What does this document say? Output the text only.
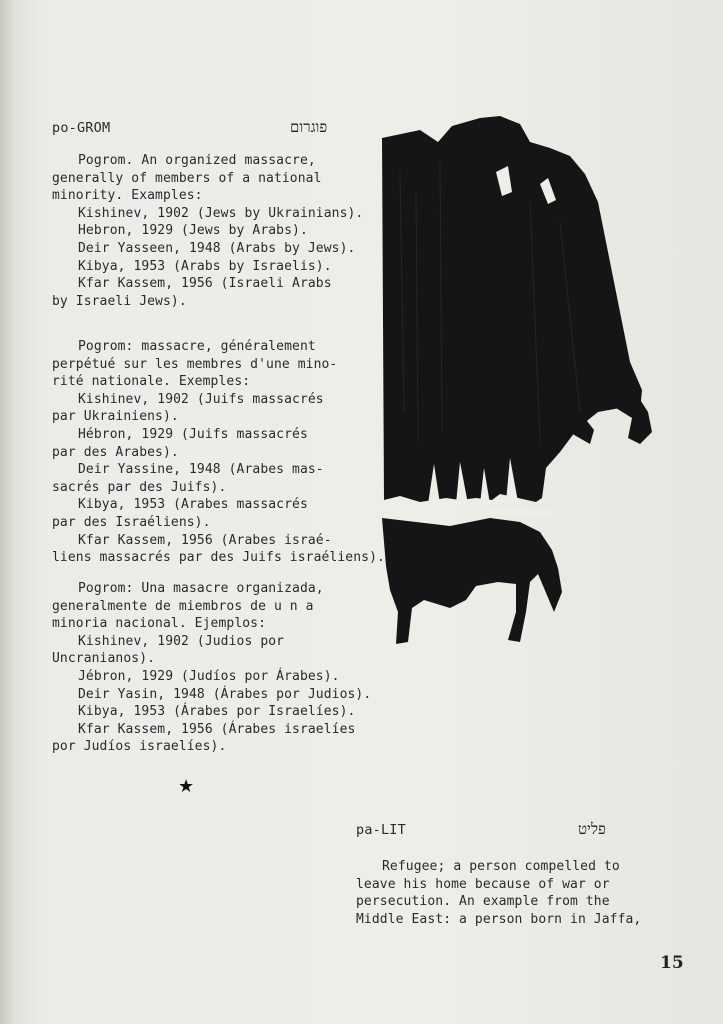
po-GROM	פוגרום
Pogrom. An organized massacre,
generally of members of a national
minority. Examples:
Kishinev, 1902 (Jews by Ukrainians).
Hebron, 1929 (Jews by Arabs).
Deir Yasseen, 1948 (Arabs by Jews).
Kibya, 1953 (Arabs by Israelis).
Kfar Kassem, 1956 (Israeli Arabs
by Israeli Jews).
Pogrom: massacre, généralement
perpétué sur les membres d'une mino-
rité nationale. Exemples:
Kishinev, 1902 (Juifs massacrés
par Ukrainiens).
Hébron, 1929 (Juifs massacrés
par des Arabes).
Deir Yassine, 1948 (Arabes mas-
sacrés par des Juifs).
Kibya, 1953 (Arabes massacrés
par des Israéliens).
Kfar Kassem, 1956 (Arabes israé-
liens massacrés par des Juifs israéliens).
Pogrom: Una masacre organizada,
generalmente de miembros de u n a
minoria nacional. Ejemplos:
Kishinev, 1902 (Judios por
Uncranianos).
Jébron, 1929 (Judíos por Árabes).
Deir Yasin, 1948 (Árabes por Judios).
Kibya, 1953 (Árabes por Israelíes).
Kfar Kassem, 1956 (Árabes israelíes
por Judíos israelíes).
★
pa-LIT	פליט
Refugee; a person compelled to
leave his home because of war or
persecution. An example from the
Middle East: a person born in Jaffa,
15
